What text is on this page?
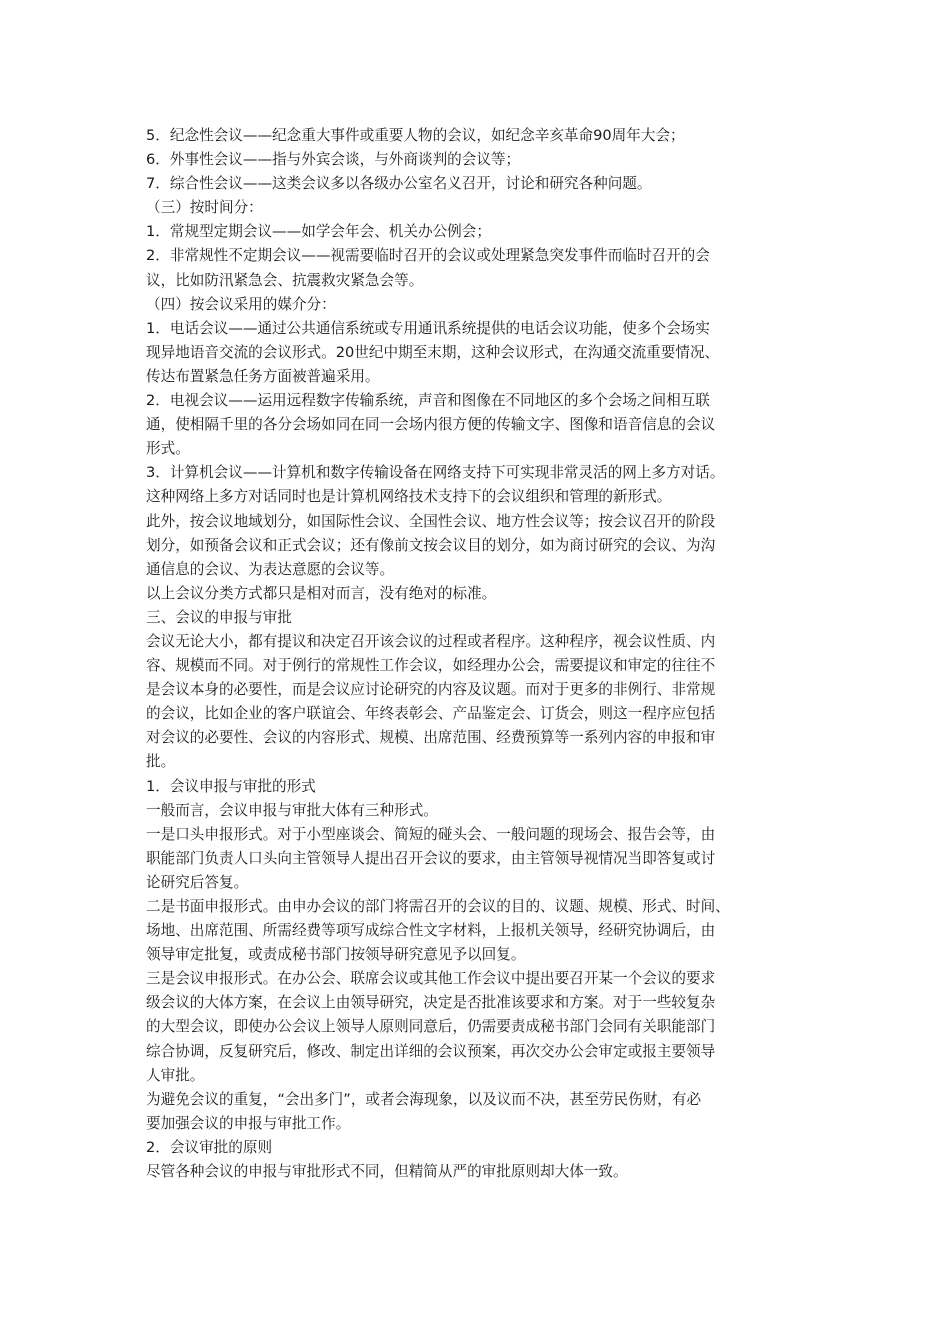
5．纪念性会议——纪念重大事件或重要人物的会议，如纪念辛亥革命90周年大会；
6．外事性会议——指与外宾会谈，与外商谈判的会议等；
7．综合性会议——这类会议多以各级办公室名义召开，讨论和研究各种问题。
（三）按时间分：
1．常规型定期会议——如学会年会、机关办公例会；
2．非常规性不定期会议——视需要临时召开的会议或处理紧急突发事件而临时召开的会
议，比如防汛紧急会、抗震救灾紧急会等。
（四）按会议采用的媒介分：
1．电话会议——通过公共通信系统或专用通讯系统提供的电话会议功能，使多个会场实
现异地语音交流的会议形式。20世纪中期至末期，这种会议形式，在沟通交流重要情况、
传达布置紧急任务方面被普遍采用。
2．电视会议——运用远程数字传输系统，声音和图像在不同地区的多个会场之间相互联
通，使相隔千里的各分会场如同在同一会场内很方便的传输文字、图像和语音信息的会议
形式。
3．计算机会议——计算机和数字传输设备在网络支持下可实现非常灵活的网上多方对话。
这种网络上多方对话同时也是计算机网络技术支持下的会议组织和管理的新形式。
此外，按会议地域划分，如国际性会议、全国性会议、地方性会议等；按会议召开的阶段
划分，如预备会议和正式会议；还有像前文按会议目的划分，如为商讨研究的会议、为沟
通信息的会议、为表达意愿的会议等。
以上会议分类方式都只是相对而言，没有绝对的标准。
三、会议的申报与审批
会议无论大小，都有提议和决定召开该会议的过程或者程序。这种程序，视会议性质、内
容、规模而不同。对于例行的常规性工作会议，如经理办公会，需要提议和审定的往往不
是会议本身的必要性，而是会议应讨论研究的内容及议题。而对于更多的非例行、非常规
的会议，比如企业的客户联谊会、年终表彰会、产品鉴定会、订货会，则这一程序应包括
对会议的必要性、会议的内容形式、规模、出席范围、经费预算等一系列内容的申报和审
批。
1．会议申报与审批的形式
一般而言，会议申报与审批大体有三种形式。
一是口头申报形式。对于小型座谈会、简短的碰头会、一般问题的现场会、报告会等，由
职能部门负责人口头向主管领导人提出召开会议的要求，由主管领导视情况当即答复或讨
论研究后答复。
二是书面申报形式。由申办会议的部门将需召开的会议的目的、议题、规模、形式、时间、
场地、出席范围、所需经费等项写成综合性文字材料，上报机关领导，经研究协调后，由
领导审定批复，或责成秘书部门按领导研究意见予以回复。
三是会议申报形式。在办公会、联席会议或其他工作会议中提出要召开某一个会议的要求
级会议的大体方案，在会议上由领导研究，决定是否批准该要求和方案。对于一些较复杂
的大型会议，即使办公会议上领导人原则同意后，仍需要责成秘书部门会同有关职能部门
综合协调，反复研究后，修改、制定出详细的会议预案，再次交办公会审定或报主要领导
人审批。
为避免会议的重复，“会出多门”，或者会海现象，以及议而不决，甚至劳民伤财，有必
要加强会议的申报与审批工作。
2．会议审批的原则
尽管各种会议的申报与审批形式不同，但精简从严的审批原则却大体一致。
